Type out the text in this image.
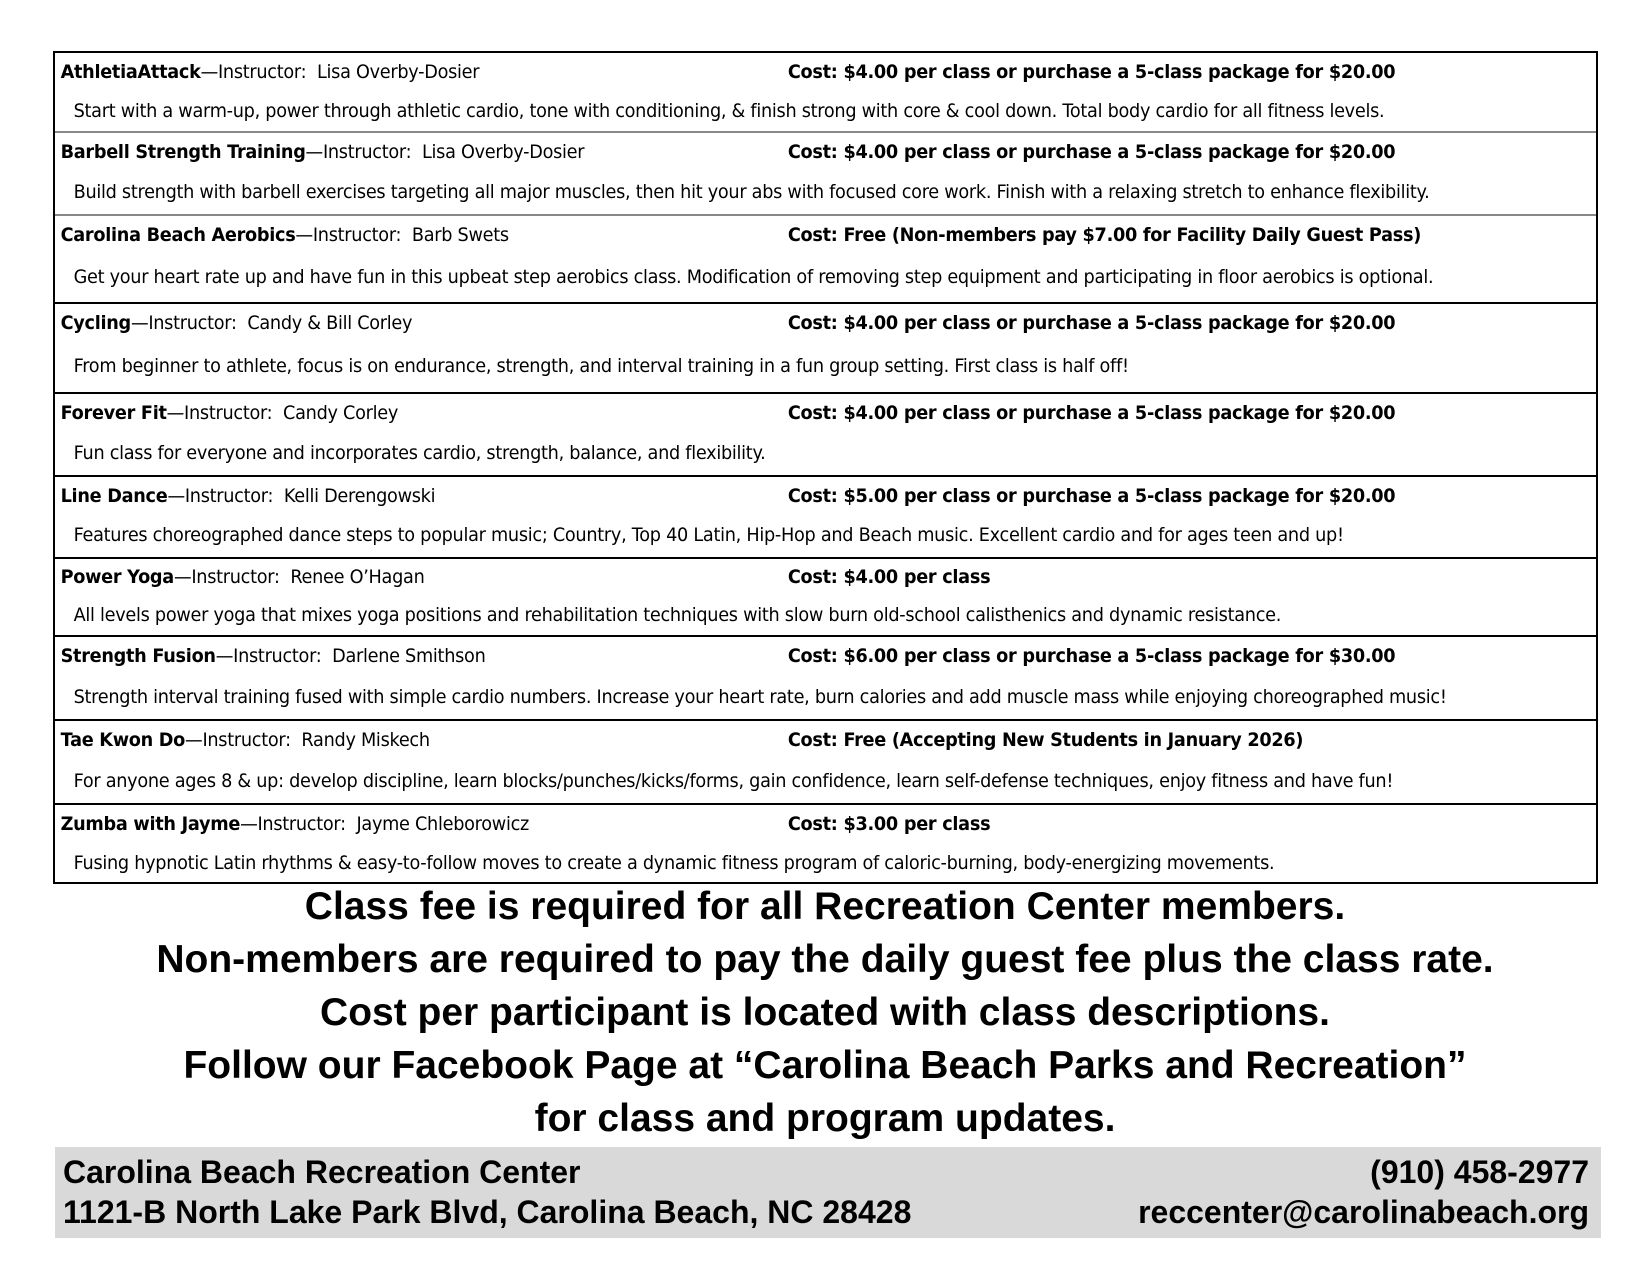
AthletiaAttack—Instructor:  Lisa Overby-Dosier	Cost: $4.00 per class or purchase a 5-class package for $20.00
Start with a warm-up, power through athletic cardio, tone with conditioning, & finish strong with core & cool down. Total body cardio for all fitness levels.
Barbell Strength Training—Instructor:  Lisa Overby-Dosier	Cost: $4.00 per class or purchase a 5-class package for $20.00
Build strength with barbell exercises targeting all major muscles, then hit your abs with focused core work. Finish with a relaxing stretch to enhance flexibility.
Carolina Beach Aerobics—Instructor:  Barb Swets	Cost: Free (Non-members pay $7.00 for Facility Daily Guest Pass)
Get your heart rate up and have fun in this upbeat step aerobics class. Modification of removing step equipment and participating in floor aerobics is optional.
Cycling—Instructor:  Candy & Bill Corley	Cost: $4.00 per class or purchase a 5-class package for $20.00
From beginner to athlete, focus is on endurance, strength, and interval training in a fun group setting. First class is half off!
Forever Fit—Instructor:  Candy Corley	Cost: $4.00 per class or purchase a 5-class package for $20.00
Fun class for everyone and incorporates cardio, strength, balance, and flexibility.
Line Dance—Instructor:  Kelli Derengowski	Cost: $5.00 per class or purchase a 5-class package for $20.00
Features choreographed dance steps to popular music; Country, Top 40 Latin, Hip-Hop and Beach music. Excellent cardio and for ages teen and up!
Power Yoga—Instructor:  Renee O’Hagan	Cost: $4.00 per class
All levels power yoga that mixes yoga positions and rehabilitation techniques with slow burn old-school calisthenics and dynamic resistance.
Strength Fusion—Instructor:  Darlene Smithson	Cost: $6.00 per class or purchase a 5-class package for $30.00
Strength interval training fused with simple cardio numbers. Increase your heart rate, burn calories and add muscle mass while enjoying choreographed music!
Tae Kwon Do—Instructor:  Randy Miskech	Cost: Free (Accepting New Students in January 2026)
For anyone ages 8 & up: develop discipline, learn blocks/punches/kicks/forms, gain confidence, learn self-defense techniques, enjoy fitness and have fun!
Zumba with Jayme—Instructor:  Jayme Chleborowicz	Cost: $3.00 per class
Fusing hypnotic Latin rhythms & easy-to-follow moves to create a dynamic fitness program of caloric-burning, body-energizing movements.
Class fee is required for all Recreation Center members.
Non-members are required to pay the daily guest fee plus the class rate.
Cost per participant is located with class descriptions.
Follow our Facebook Page at “Carolina Beach Parks and Recreation”
for class and program updates.
Carolina Beach Recreation Center
1121-B North Lake Park Blvd, Carolina Beach, NC 28428
(910) 458-2977
reccenter@carolinabeach.org
